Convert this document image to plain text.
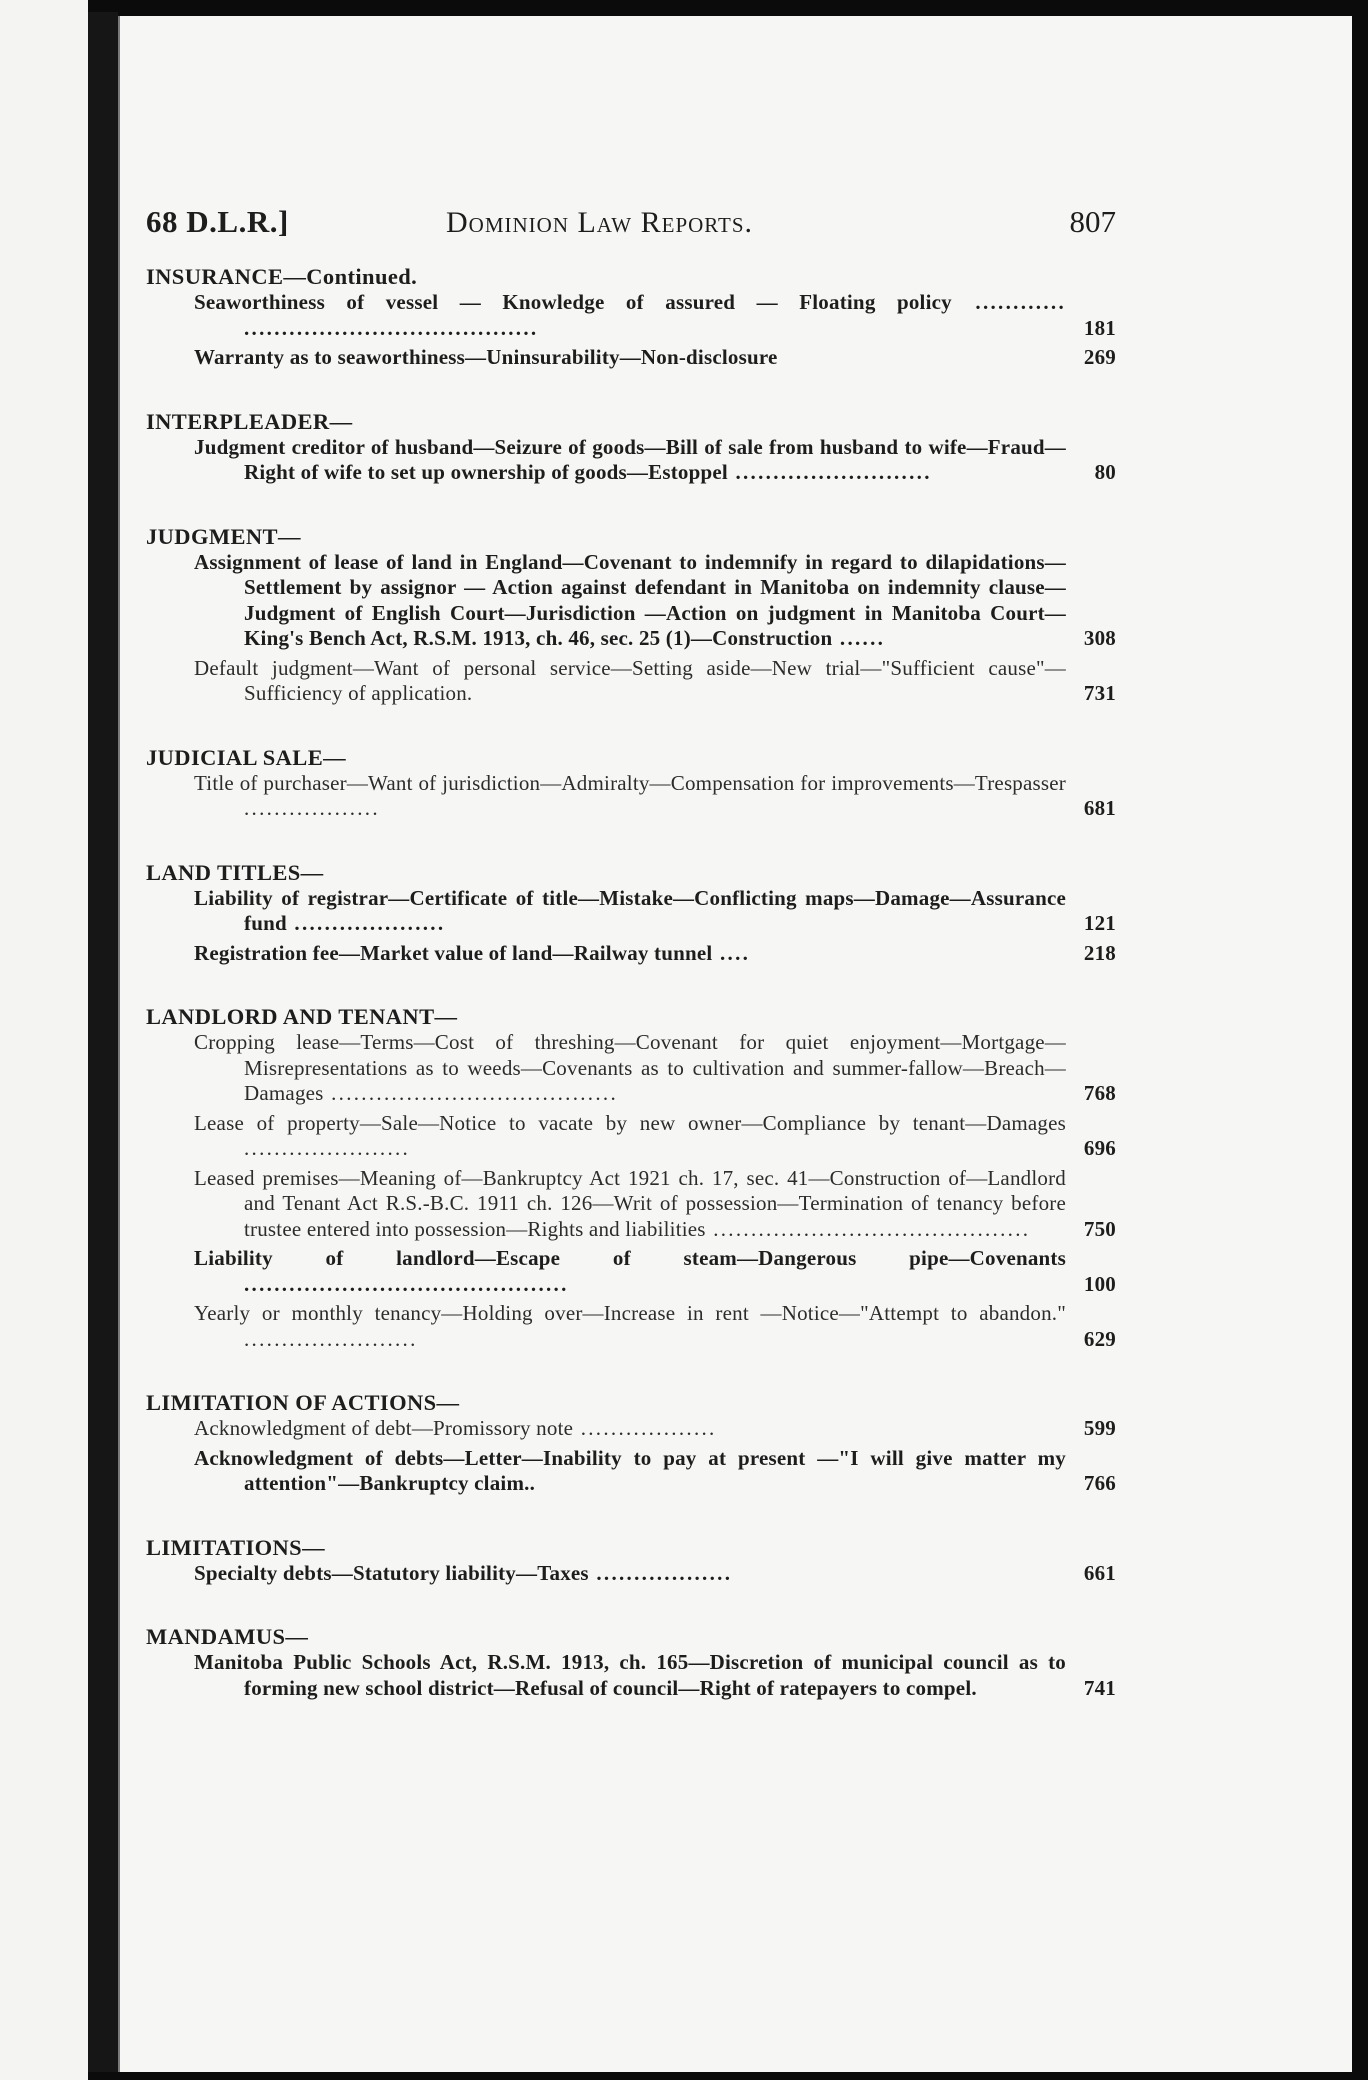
68 D.L.R.]	Dominion Law Reports.	807
INSURANCE—Continued.
Seaworthiness of vessel — Knowledge of assured — Floating policy ............ .......................................	181
Warranty as to seaworthiness—Uninsurability—Non-disclosure	269
INTERPLEADER—
Judgment creditor of husband—Seizure of goods—Bill of sale from husband to wife—Fraud—Right of wife to set up ownership of goods—Estoppel ..........................	80
JUDGMENT—
Assignment of lease of land in England—Covenant to indemnify in regard to dilapidations—Settlement by assignor — Action against defendant in Manitoba on indemnity clause—Judgment of English Court—Jurisdiction —Action on judgment in Manitoba Court—King's Bench Act, R.S.M. 1913, ch. 46, sec. 25 (1)—Construction ......	308
Default judgment—Want of personal service—Setting aside—New trial—"Sufficient cause"—Sufficiency of application.	731
JUDICIAL SALE—
Title of purchaser—Want of jurisdiction—Admiralty—Compensation for improvements—Trespasser ..................	681
LAND TITLES—
Liability of registrar—Certificate of title—Mistake—Conflicting maps—Damage—Assurance fund ....................	121
Registration fee—Market value of land—Railway tunnel ....	218
LANDLORD AND TENANT—
Cropping lease—Terms—Cost of threshing—Covenant for quiet enjoyment—Mortgage—Misrepresentations as to weeds—Covenants as to cultivation and summer-fallow—Breach—Damages ......................................	768
Lease of property—Sale—Notice to vacate by new owner—Compliance by tenant—Damages ......................	696
Leased premises—Meaning of—Bankruptcy Act 1921 ch. 17, sec. 41—Construction of—Landlord and Tenant Act R.S.-B.C. 1911 ch. 126—Writ of possession—Termination of tenancy before trustee entered into possession—Rights and liabilities ..........................................	750
Liability of landlord—Escape of steam—Dangerous pipe—Covenants ...........................................	100
Yearly or monthly tenancy—Holding over—Increase in rent —Notice—"Attempt to abandon." .......................	629
LIMITATION OF ACTIONS—
Acknowledgment of debt—Promissory note ..................	599
Acknowledgment of debts—Letter—Inability to pay at present —"I will give matter my attention"—Bankruptcy claim..	766
LIMITATIONS—
Specialty debts—Statutory liability—Taxes ..................	661
MANDAMUS—
Manitoba Public Schools Act, R.S.M. 1913, ch. 165—Discretion of municipal council as to forming new school district—Refusal of council—Right of ratepayers to compel.	741
